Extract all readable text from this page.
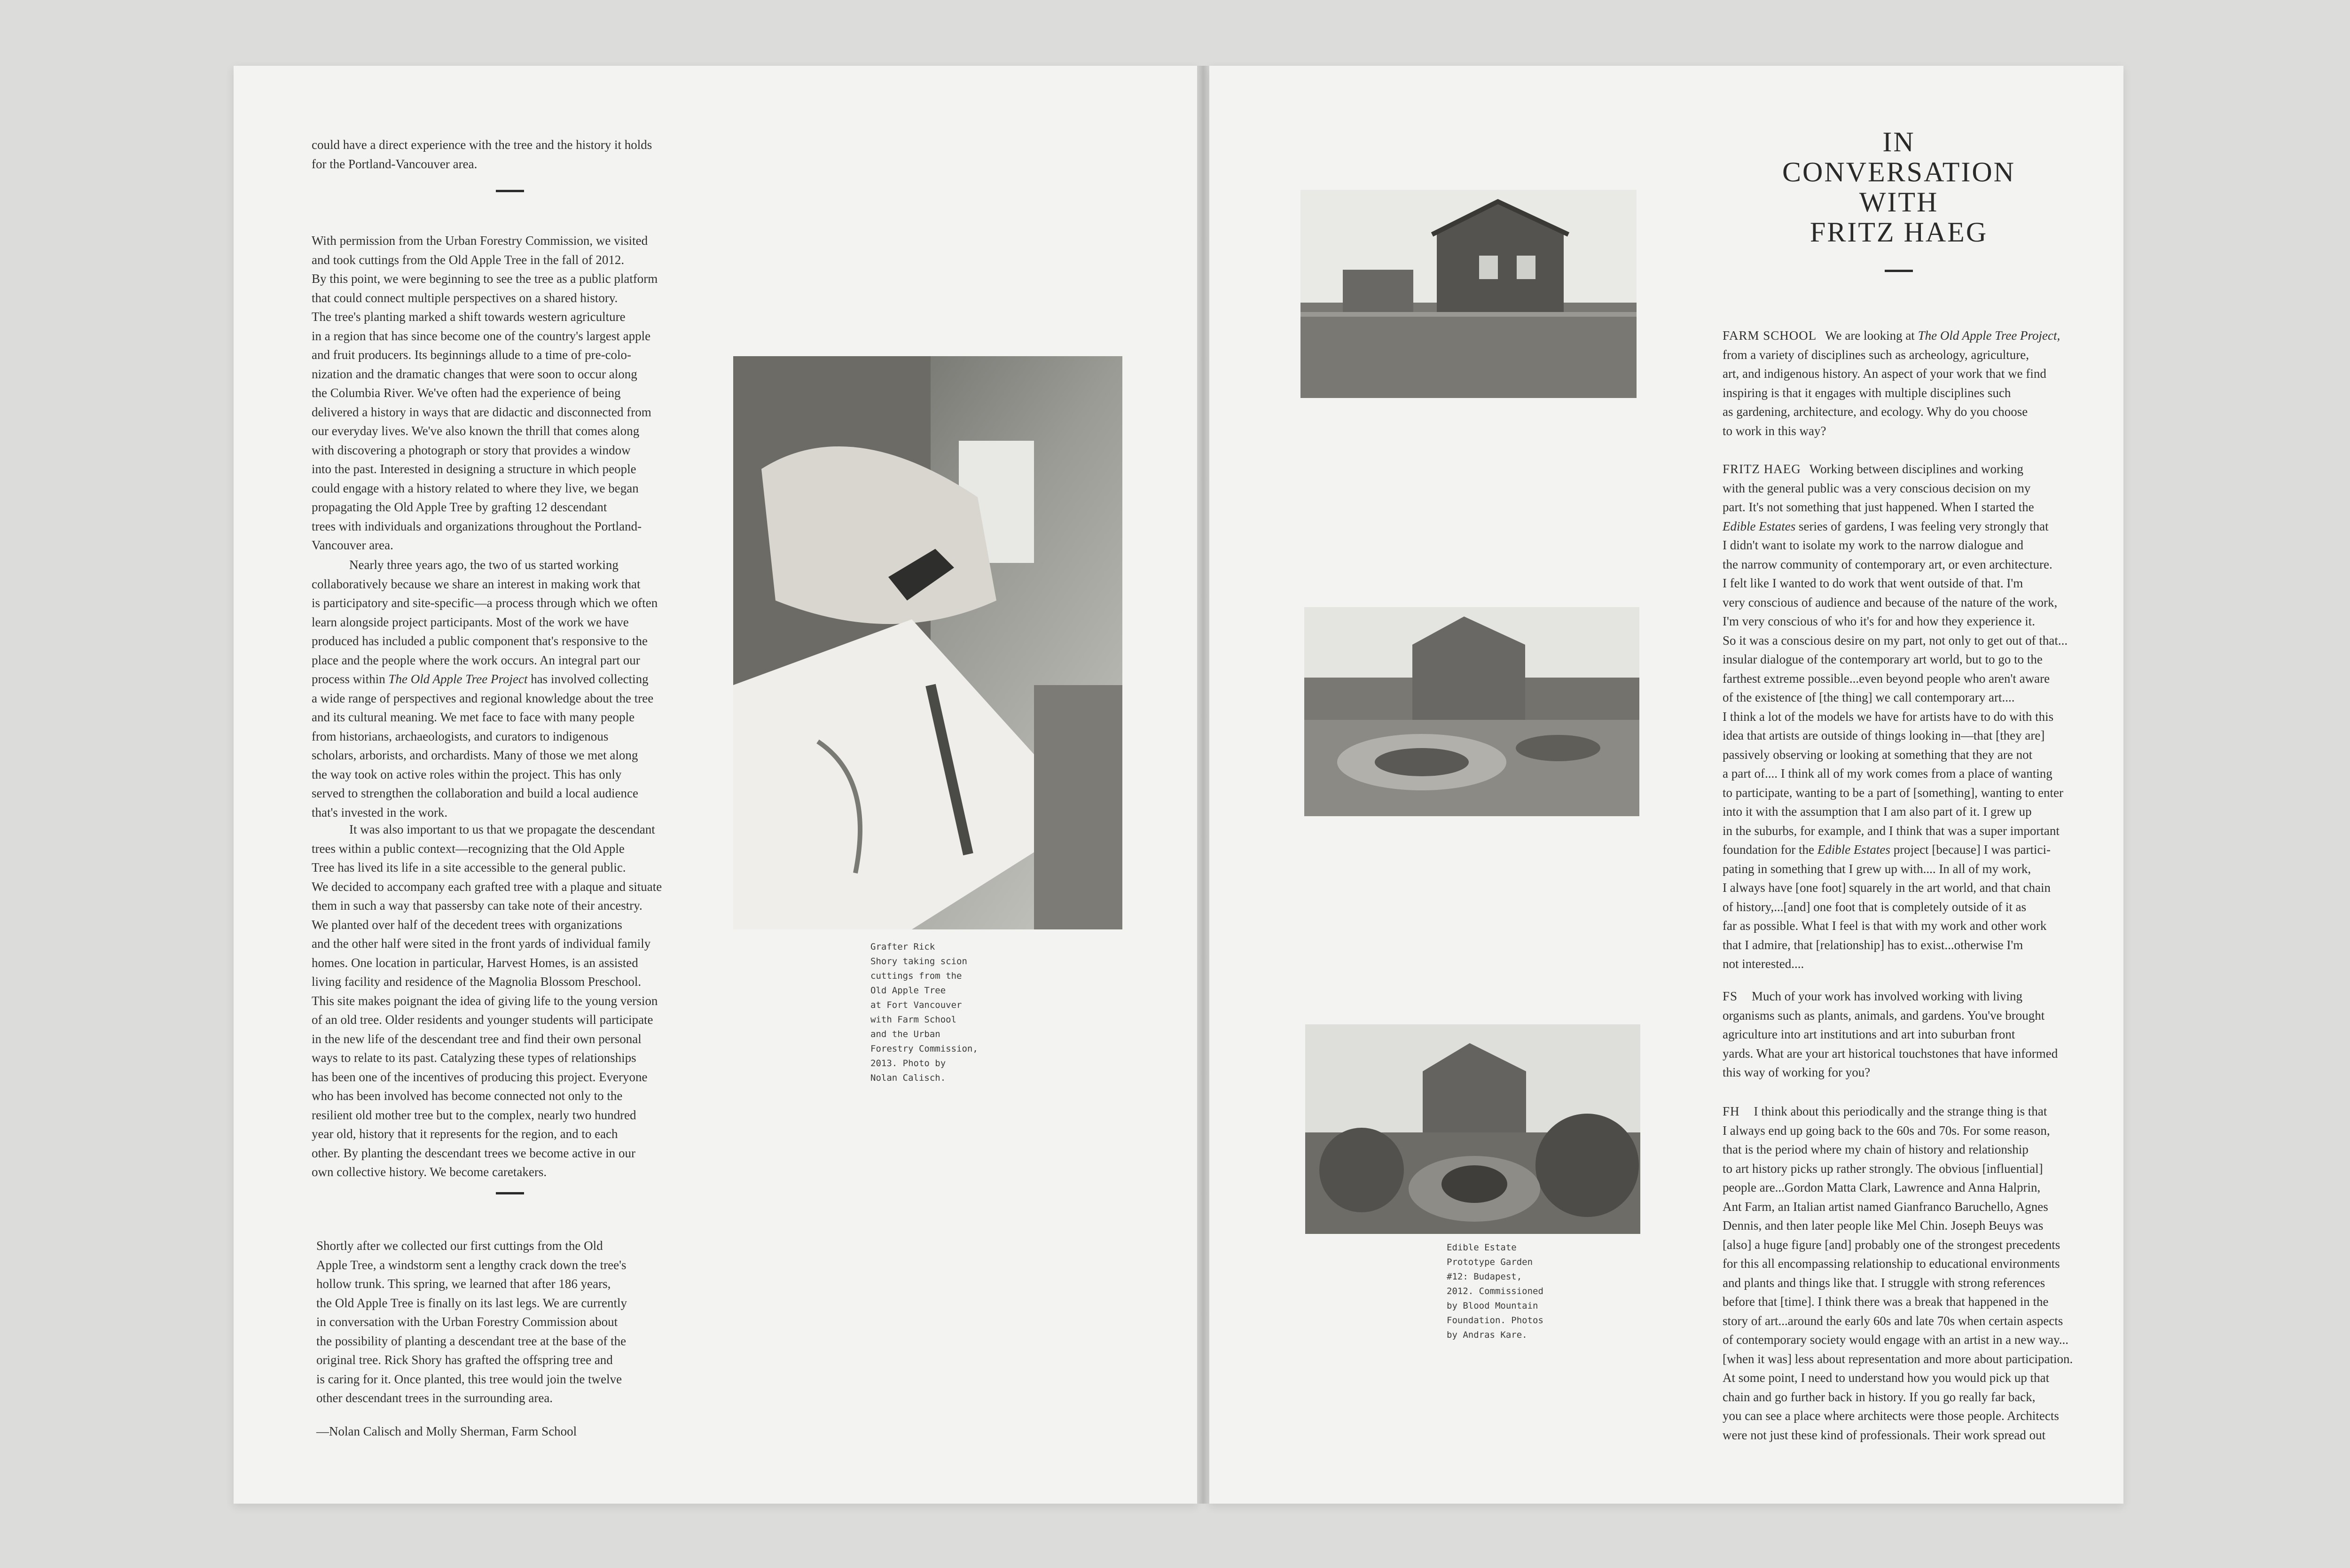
could have a direct experience with the tree and the history it holds
for the Portland-Vancouver area.

With permission from the Urban Forestry Commission, we visited
and took cuttings from the Old Apple Tree in the fall of 2012.
By this point, we were beginning to see the tree as a public platform
that could connect multiple perspectives on a shared history.
The tree's planting marked a shift towards western agriculture
in a region that has since become one of the country's largest apple
and fruit producers. Its beginnings allude to a time of pre-colo-
nization and the dramatic changes that were soon to occur along
the Columbia River. We've often had the experience of being
delivered a history in ways that are didactic and disconnected from
our everyday lives. We've also known the thrill that comes along
with discovering a photograph or story that provides a window
into the past. Interested in designing a structure in which people
could engage with a history related to where they live, we began
propagating the Old Apple Tree by grafting 12 descendant
trees with individuals and organizations throughout the Portland-
Vancouver area.

Nearly three years ago, the two of us started working
collaboratively because we share an interest in making work that
is participatory and site-specific—a process through which we often
learn alongside project participants. Most of the work we have
produced has included a public component that's responsive to the
place and the people where the work occurs. An integral part our
process within The Old Apple Tree Project has involved collecting
a wide range of perspectives and regional knowledge about the tree
and its cultural meaning. We met face to face with many people
from historians, archaeologists, and curators to indigenous
scholars, arborists, and orchardists. Many of those we met along
the way took on active roles within the project. This has only
served to strengthen the collaboration and build a local audience
that's invested in the work.

It was also important to us that we propagate the descendant
trees within a public context—recognizing that the Old Apple
Tree has lived its life in a site accessible to the general public.
We decided to accompany each grafted tree with a plaque and situate
them in such a way that passersby can take note of their ancestry.
We planted over half of the decedent trees with organizations
and the other half were sited in the front yards of individual family
homes. One location in particular, Harvest Homes, is an assisted
living facility and residence of the Magnolia Blossom Preschool.
This site makes poignant the idea of giving life to the young version
of an old tree. Older residents and younger students will participate
in the new life of the descendant tree and find their own personal
ways to relate to its past. Catalyzing these types of relationships
has been one of the incentives of producing this project. Everyone
who has been involved has become connected not only to the
resilient old mother tree but to the complex, nearly two hundred
year old, history that it represents for the region, and to each
other. By planting the descendant trees we become active in our
own collective history. We become caretakers.

Shortly after we collected our first cuttings from the Old
Apple Tree, a windstorm sent a lengthy crack down the tree's
hollow trunk. This spring, we learned that after 186 years,
the Old Apple Tree is finally on its last legs. We are currently
in conversation with the Urban Forestry Commission about
the possibility of planting a descendant tree at the base of the
original tree. Rick Shory has grafted the offspring tree and
is caring for it. Once planted, this tree would join the twelve
other descendant trees in the surrounding area.

—Nolan Calisch and Molly Sherman, Farm School

Grafter Rick
Shory taking scion
cuttings from the
Old Apple Tree
at Fort Vancouver
with Farm School
and the Urban
Forestry Commission,
2013. Photo by
Nolan Calisch.

Edible Estate
Prototype Garden
#12: Budapest,
2012. Commissioned
by Blood Mountain
Foundation. Photos
by Andras Kare.

IN
CONVERSATION
WITH
FRITZ HAEG

FARM SCHOOL We are looking at The Old Apple Tree Project,
from a variety of disciplines such as archeology, agriculture,
art, and indigenous history. An aspect of your work that we find
inspiring is that it engages with multiple disciplines such
as gardening, architecture, and ecology. Why do you choose
to work in this way?

FRITZ HAEG Working between disciplines and working
with the general public was a very conscious decision on my
part. It's not something that just happened. When I started the
Edible Estates series of gardens, I was feeling very strongly that
I didn't want to isolate my work to the narrow dialogue and
the narrow community of contemporary art, or even architecture.
I felt like I wanted to do work that went outside of that. I'm
very conscious of audience and because of the nature of the work,
I'm very conscious of who it's for and how they experience it.
So it was a conscious desire on my part, not only to get out of that...
insular dialogue of the contemporary art world, but to go to the
farthest extreme possible...even beyond people who aren't aware
of the existence of [the thing] we call contemporary art....
I think a lot of the models we have for artists have to do with this
idea that artists are outside of things looking in—that [they are]
passively observing or looking at something that they are not
a part of.... I think all of my work comes from a place of wanting
to participate, wanting to be a part of [something], wanting to enter
into it with the assumption that I am also part of it. I grew up
in the suburbs, for example, and I think that was a super important
foundation for the Edible Estates project [because] I was partici-
pating in something that I grew up with.... In all of my work,
I always have [one foot] squarely in the art world, and that chain
of history,...[and] one foot that is completely outside of it as
far as possible. What I feel is that with my work and other work
that I admire, that [relationship] has to exist...otherwise I'm
not interested....

FS Much of your work has involved working with living
organisms such as plants, animals, and gardens. You've brought
agriculture into art institutions and art into suburban front
yards. What are your art historical touchstones that have informed
this way of working for you?

FH I think about this periodically and the strange thing is that
I always end up going back to the 60s and 70s. For some reason,
that is the period where my chain of history and relationship
to art history picks up rather strongly. The obvious [influential]
people are...Gordon Matta Clark, Lawrence and Anna Halprin,
Ant Farm, an Italian artist named Gianfranco Baruchello, Agnes
Dennis, and then later people like Mel Chin. Joseph Beuys was
[also] a huge figure [and] probably one of the strongest precedents
for this all encompassing relationship to educational environments
and plants and things like that. I struggle with strong references
before that [time]. I think there was a break that happened in the
story of art...around the early 60s and late 70s when certain aspects
of contemporary society would engage with an artist in a new way...
[when it was] less about representation and more about participation.
At some point, I need to understand how you would pick up that
chain and go further back in history. If you go really far back,
you can see a place where architects were those people. Architects
were not just these kind of professionals. Their work spread out
